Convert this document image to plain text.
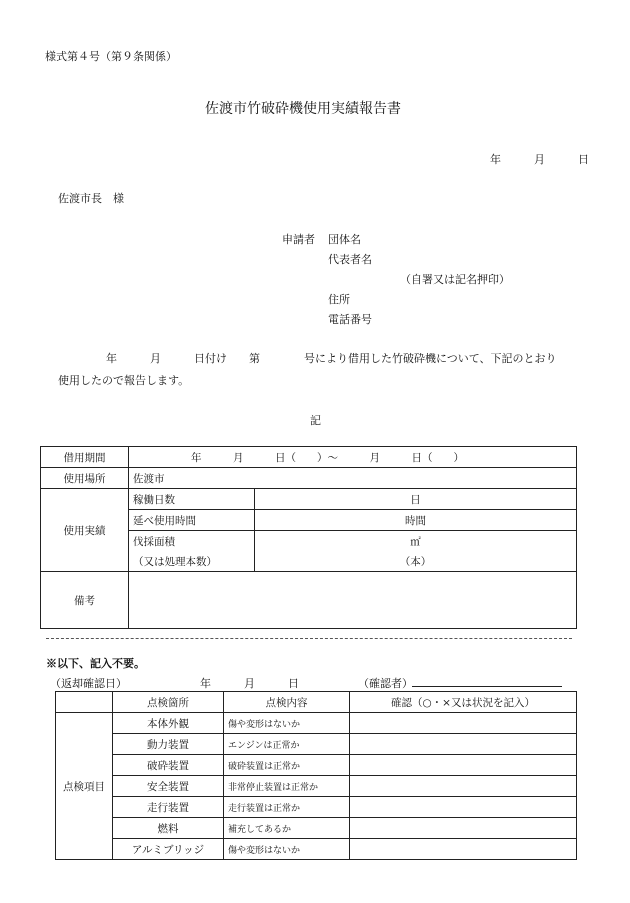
様式第４号（第９条関係）
佐渡市竹破砕機使用実績報告書
年　　　月　　　日
佐渡市長　様
申請者 団体名
代表者名
（自署又は記名押印）
住所
電話番号
年　　　月　　　日付け　　第　　　　号により借用した竹破砕機について、下記のとおり
使用したので報告します。
記
借用期間	年　　　月　　　日（　　）～　　　月　　　日（　　）	
使用場所	佐渡市	
使用実績	稼働日数	日
	延べ使用時間	時間
	伐採面積	㎡
	（又は処理本数）	（本）
備考		
※以下、記入不要。
（返却確認日）	年　　　月　　　日	（確認者）
	点検箇所	点検内容	確認（○・×又は状況を記入）
点検項目	本体外観	傷や変形はないか	
	動力装置	エンジンは正常か	
	破砕装置	破砕装置は正常か	
	安全装置	非常停止装置は正常か	
	走行装置	走行装置は正常か	
	燃料	補充してあるか	
	アルミブリッジ	傷や変形はないか	
